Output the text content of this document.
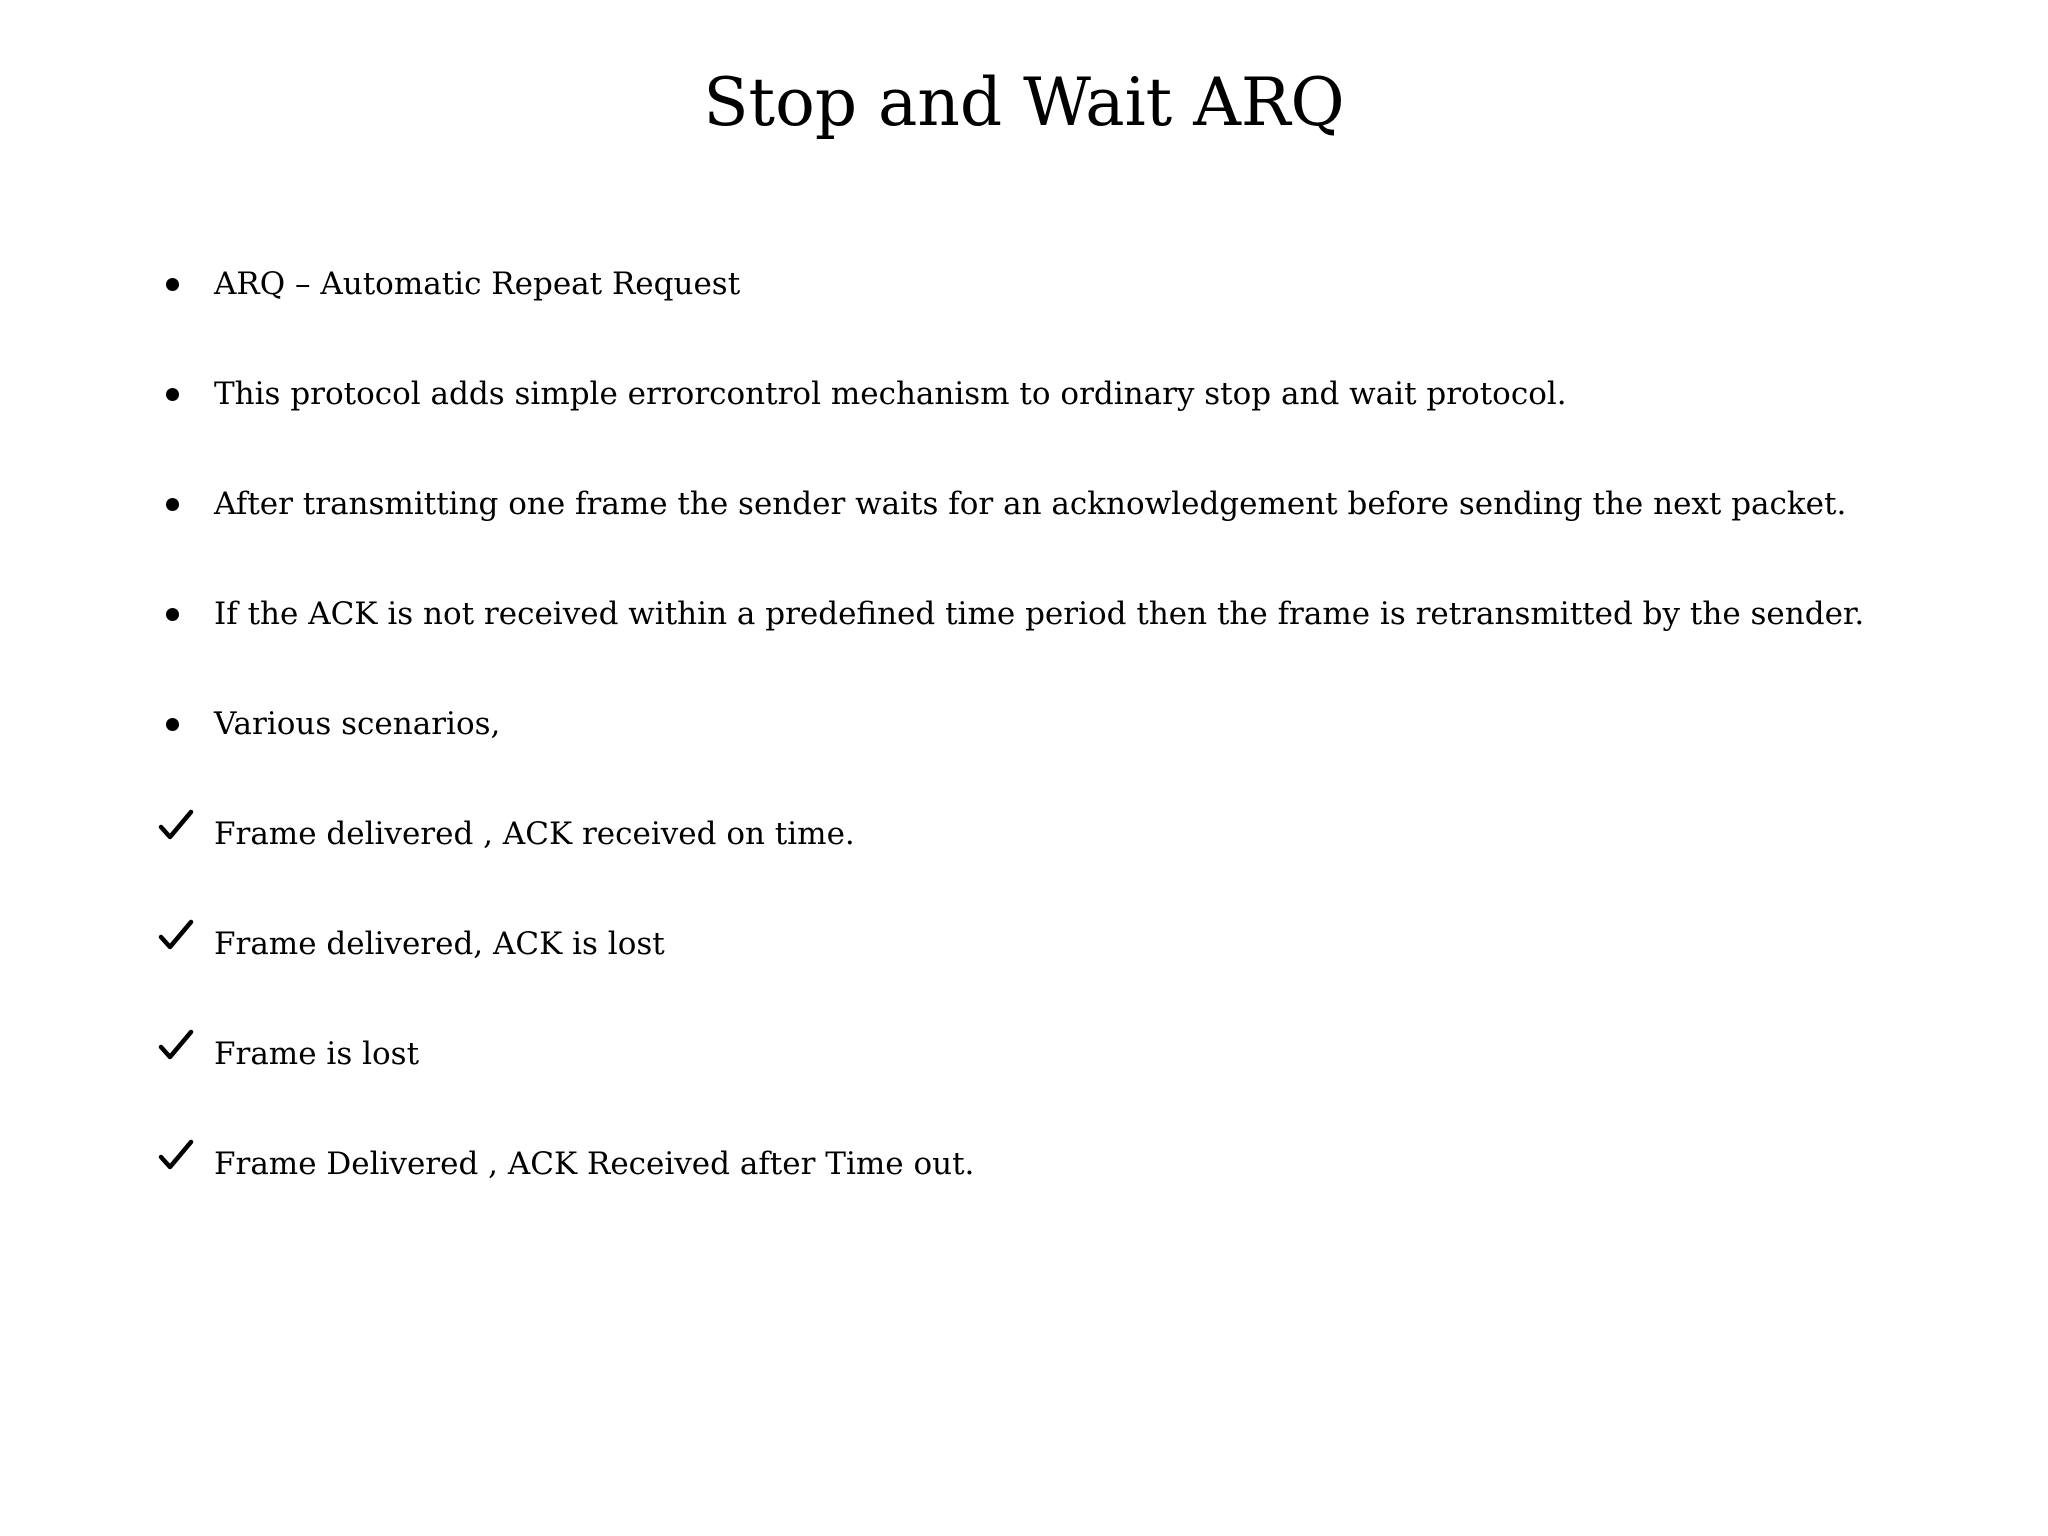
Stop and Wait ARQ
ARQ – Automatic Repeat Request
This protocol adds simple errorcontrol mechanism to ordinary stop and wait protocol.
After transmitting one frame the sender waits for an acknowledgement before sending the next packet.
If the ACK is not received within a predefined time period then the frame is retransmitted by the sender.
Various scenarios,
Frame delivered , ACK received on time.
Frame delivered, ACK is lost
Frame is lost
Frame Delivered , ACK Received after Time out.
